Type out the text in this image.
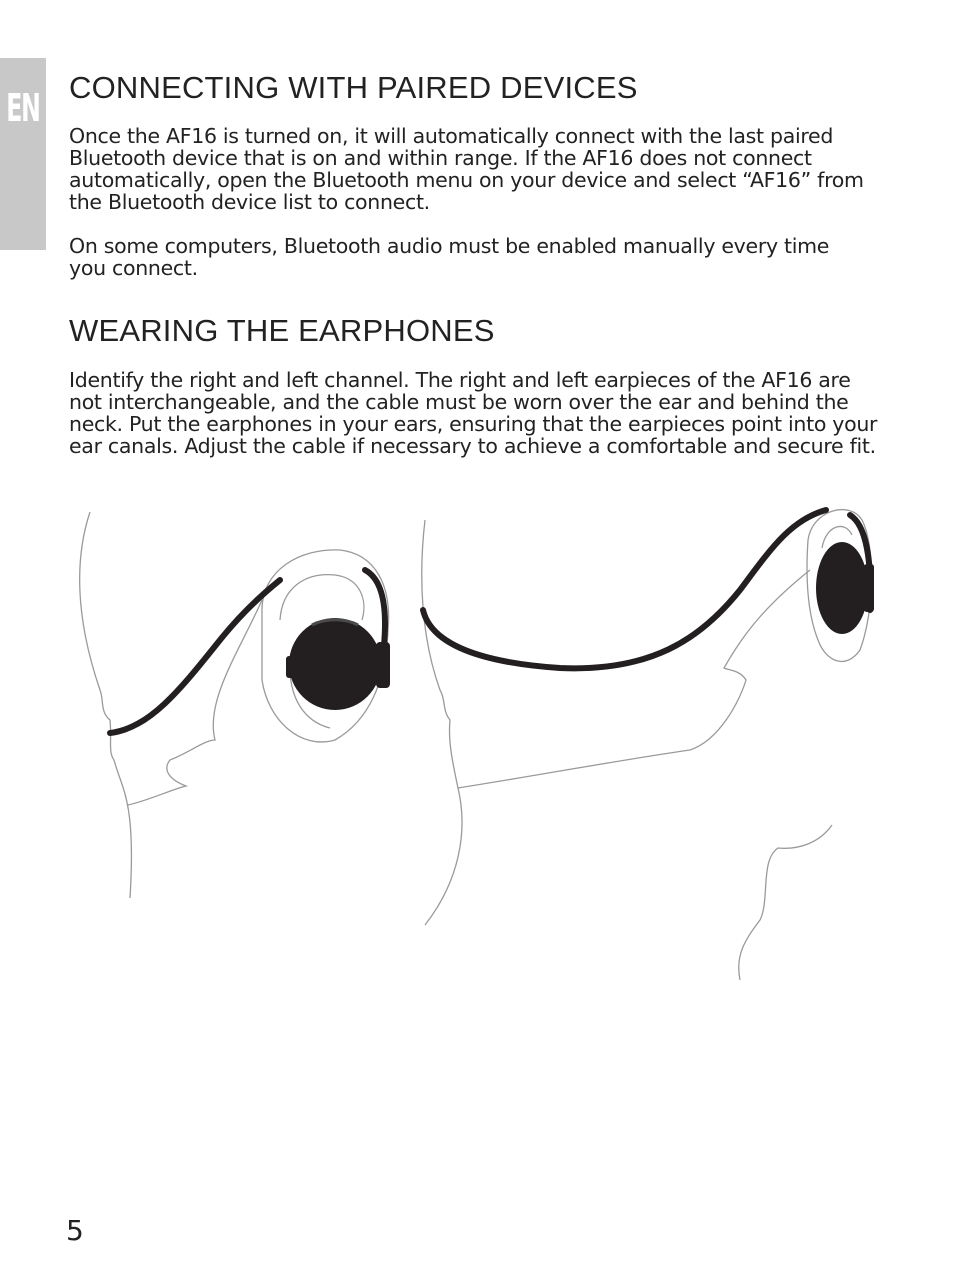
EN CONNECTING WITH PAIRED DEVICES

Once the AF16 is turned on, it will automatically connect with the last paired Bluetooth device that is on and within range. If the AF16 does not connect automatically, open the Bluetooth menu on your device and select “AF16” from the Bluetooth device list to connect.

On some computers, Bluetooth audio must be enabled manually every time you connect.

WEARING THE EARPHONES

Identify the right and left channel. The right and left earpieces of the AF16 are not interchangeable, and the cable must be worn over the ear and behind the neck. Put the earphones in your ears, ensuring that the earpieces point into your ear canals. Adjust the cable if necessary to achieve a comfortable and secure fit.

5
